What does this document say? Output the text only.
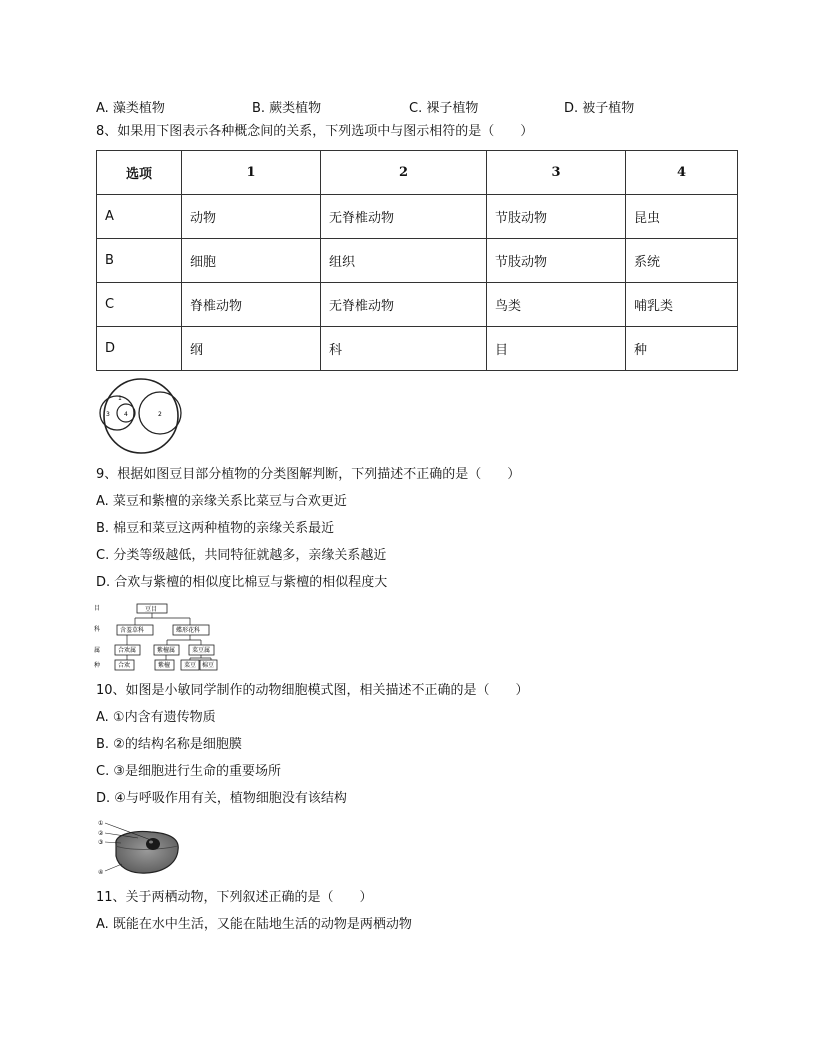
A. 藻类植物	B. 蕨类植物	C. 裸子植物	D. 被子植物
8、如果用下图表示各种概念间的关系，下列选项中与图示相符的是（　　）
选项	1	2	3	4
A	动物	无脊椎动物	节肢动物	昆虫
B	细胞	组织	节肢动物	系统
C	脊椎动物	无脊椎动物	鸟类	哺乳类
D	纲	科	目	种
1
3 4	2
9、根据如图豆目部分植物的分类图解判断，下列描述不正确的是（　　）
A. 菜豆和紫檀的亲缘关系比菜豆与合欢更近
B. 棉豆和菜豆这两种植物的亲缘关系最近
C. 分类等级越低，共同特征就越多，亲缘关系越近
D. 合欢与紫檀的相似度比棉豆与紫檀的相似程度大
目
科
属
种
豆目
含羞草科	蝶形花科
合欢属	紫檀属	菜豆属
合欢	紫檀 菜豆 棉豆
10、如图是小敏同学制作的动物细胞模式图，相关描述不正确的是（　　）
A. ①内含有遗传物质
B. ②的结构名称是细胞膜
C. ③是细胞进行生命的重要场所
D. ④与呼吸作用有关，植物细胞没有该结构
①
②
③
④
11、关于两栖动物，下列叙述正确的是（　　）
A. 既能在水中生活，又能在陆地生活的动物是两栖动物
